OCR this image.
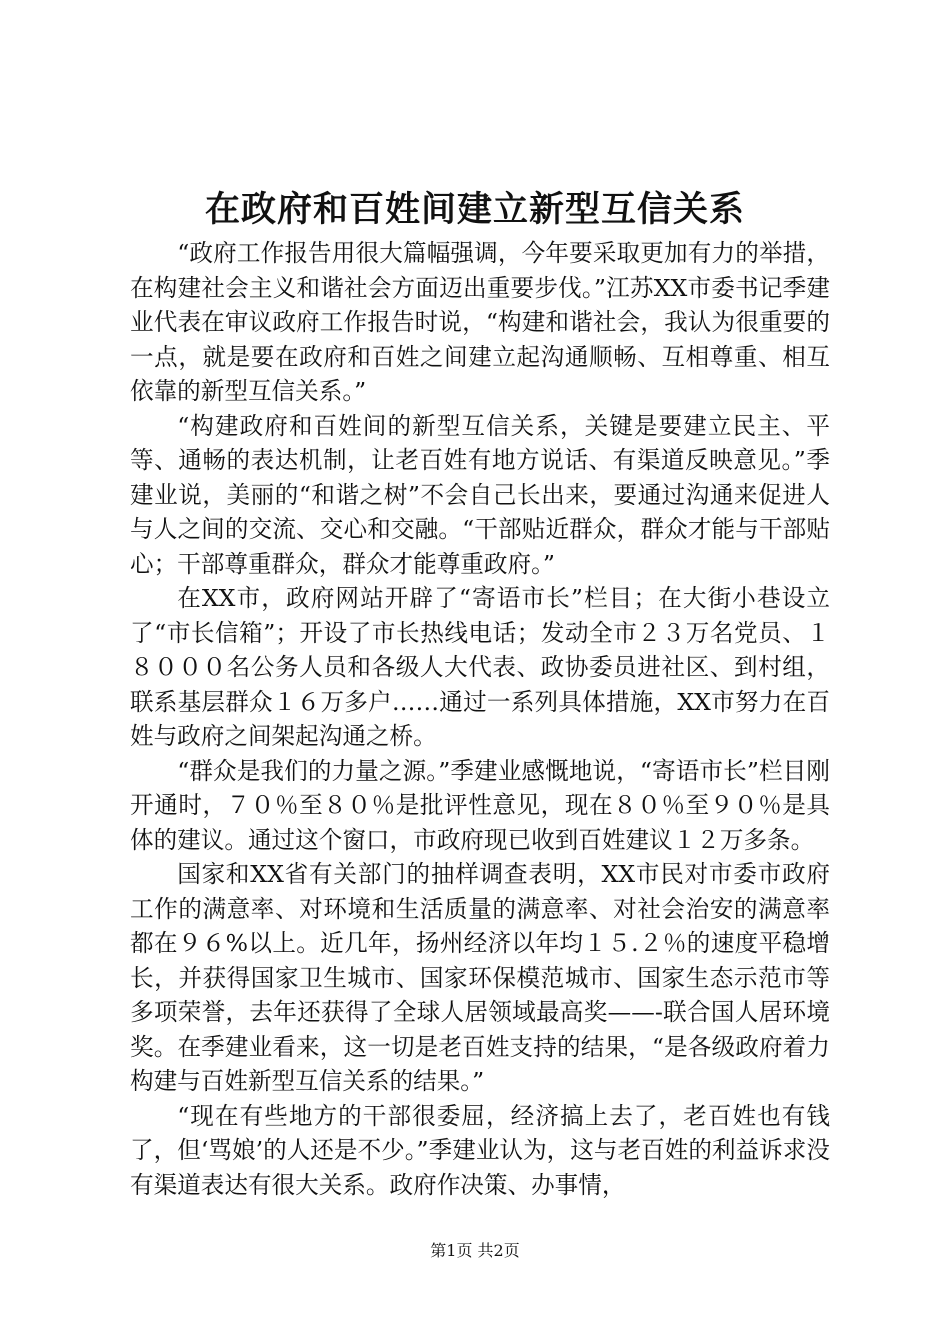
在政府和百姓间建立新型互信关系

“政府工作报告用很大篇幅强调，今年要采取更加有力的举措，在构建社会主义和谐社会方面迈出重要步伐。”江苏XX市委书记季建业代表在审议政府工作报告时说，“构建和谐社会，我认为很重要的一点，就是要在政府和百姓之间建立起沟通顺畅、互相尊重、相互依靠的新型互信关系。”

“构建政府和百姓间的新型互信关系，关键是要建立民主、平等、通畅的表达机制，让老百姓有地方说话、有渠道反映意见。”季建业说，美丽的“和谐之树”不会自己长出来，要通过沟通来促进人与人之间的交流、交心和交融。“干部贴近群众，群众才能与干部贴心；干部尊重群众，群众才能尊重政府。”

在XX市，政府网站开辟了“寄语市长”栏目；在大街小巷设立了“市长信箱”；开设了市长热线电话；发动全市２３万名党员、１８０００名公务人员和各级人大代表、政协委员进社区、到村组，联系基层群众１６万多户……通过一系列具体措施，XX市努力在百姓与政府之间架起沟通之桥。

“群众是我们的力量之源。”季建业感慨地说，“寄语市长”栏目刚开通时，７０％至８０％是批评性意见，现在８０％至９０％是具体的建议。通过这个窗口，市政府现已收到百姓建议１２万多条。

国家和XX省有关部门的抽样调查表明，XX市民对市委市政府工作的满意率、对环境和生活质量的满意率、对社会治安的满意率都在９６%以上。近几年，扬州经济以年均１５.２％的速度平稳增长，并获得国家卫生城市、国家环保模范城市、国家生态示范市等多项荣誉，去年还获得了全球人居领域最高奖——-联合国人居环境奖。在季建业看来，这一切是老百姓支持的结果，“是各级政府着力构建与百姓新型互信关系的结果。”

“现在有些地方的干部很委屈，经济搞上去了，老百姓也有钱了，但‘骂娘’的人还是不少。”季建业认为，这与老百姓的利益诉求没有渠道表达有很大关系。政府作决策、办事情，

第1页 共2页
